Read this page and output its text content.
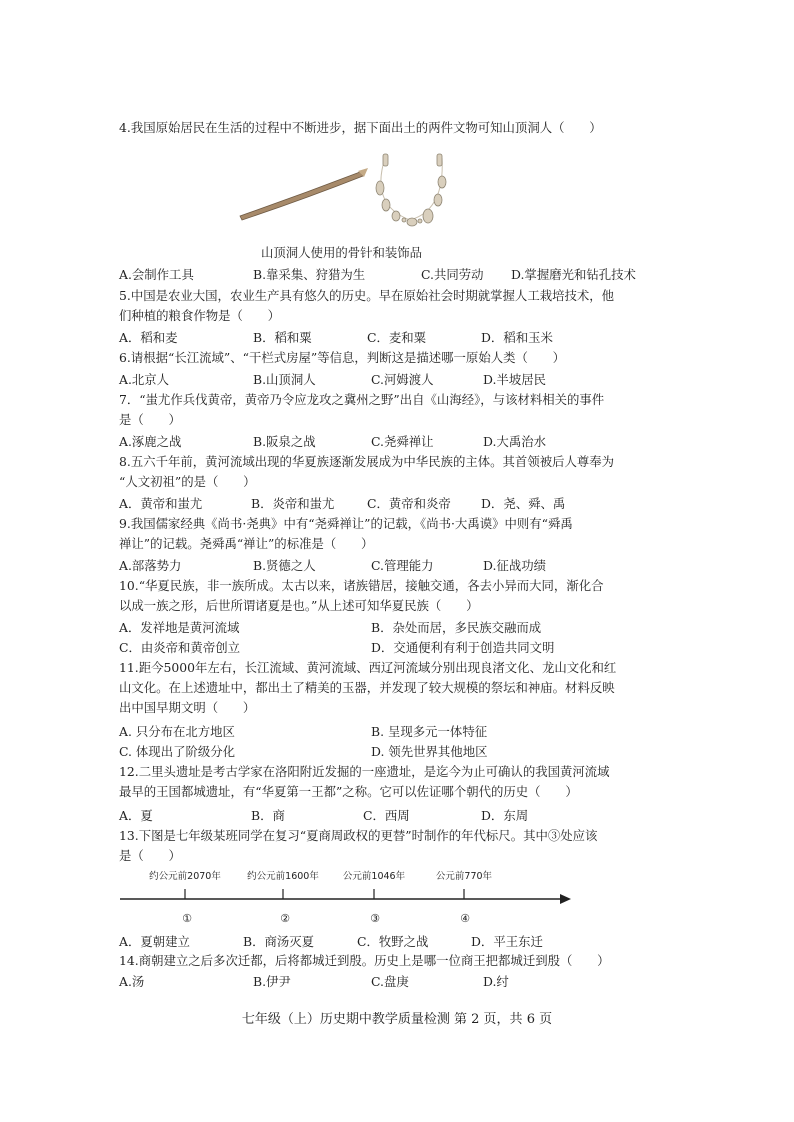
4.我国原始居民在生活的过程中不断进步，据下面出土的两件文物可知山顶洞人（　　）
山顶洞人使用的骨针和装饰品
A.会制作工具	B.靠采集、狩猎为生	C.共同劳动 D.掌握磨光和钻孔技术
5.中国是农业大国，农业生产具有悠久的历史。早在原始社会时期就掌握人工栽培技术，他
们种植的粮食作物是（　　）
A．稻和麦	B．稻和粟	C．麦和粟	D．稻和玉米
6.请根据“长江流域”、“干栏式房屋”等信息，判断这是描述哪一原始人类（　　）
A.北京人	B.山顶洞人	C.河姆渡人	D.半坡居民
7．“蚩尤作兵伐黄帝，黄帝乃令应龙攻之冀州之野”出自《山海经》，与该材料相关的事件
是（　　）
A.涿鹿之战	B.阪泉之战	C.尧舜禅让	D.大禹治水
8.五六千年前，黄河流域出现的华夏族逐渐发展成为中华民族的主体。其首领被后人尊奉为
“人文初祖”的是（　　）
A．黄帝和蚩尤	B．炎帝和蚩尤	C．黄帝和炎帝 D．尧、舜、禹
9.我国儒家经典《尚书·尧典》中有“尧舜禅让”的记载，《尚书·大禹谟》中则有“舜禹
禅让”的记载。尧舜禹“禅让”的标准是（　　）
A.部落势力	B.贤德之人	C.管理能力	D.征战功绩
10.“华夏民族，非一族所成。太古以来，诸族错居，接触交通，各去小异而大同，渐化合
以成一族之形，后世所谓诸夏是也。”从上述可知华夏民族（　　）
A．发祥地是黄河流域	B．杂处而居，多民族交融而成
C．由炎帝和黄帝创立	D．交通便利有利于创造共同文明
11.距今5000年左右，长江流域、黄河流域、西辽河流域分别出现良渚文化、龙山文化和红
山文化。在上述遗址中，都出土了精美的玉器，并发现了较大规模的祭坛和神庙。材料反映
出中国早期文明（　　）
A. 只分布在北方地区	B. 呈现多元一体特征
C. 体现出了阶级分化	D. 领先世界其他地区
12.二里头遗址是考古学家在洛阳附近发掘的一座遗址，是迄今为止可确认的我国黄河流域
最早的王国都城遗址，有“华夏第一王都”之称。它可以佐证哪个朝代的历史（　　）
A．夏	B．商	C．西周	D．东周
13.下图是七年级某班同学在复习“夏商周政权的更替”时制作的年代标尺。其中③处应该
是（　　）
约公元前2070年	约公元前1600年	公元前1046年	公元前770年
①	②	③	④
A．夏朝建立	B．商汤灭夏	C．牧野之战	D．平王东迁
14.商朝建立之后多次迁都，后将都城迁到殷。历史上是哪一位商王把都城迁到殷（　　）
A.汤	B.伊尹	C.盘庚	D.纣
七年级（上）历史期中教学质量检测 第 2 页，共 6 页
